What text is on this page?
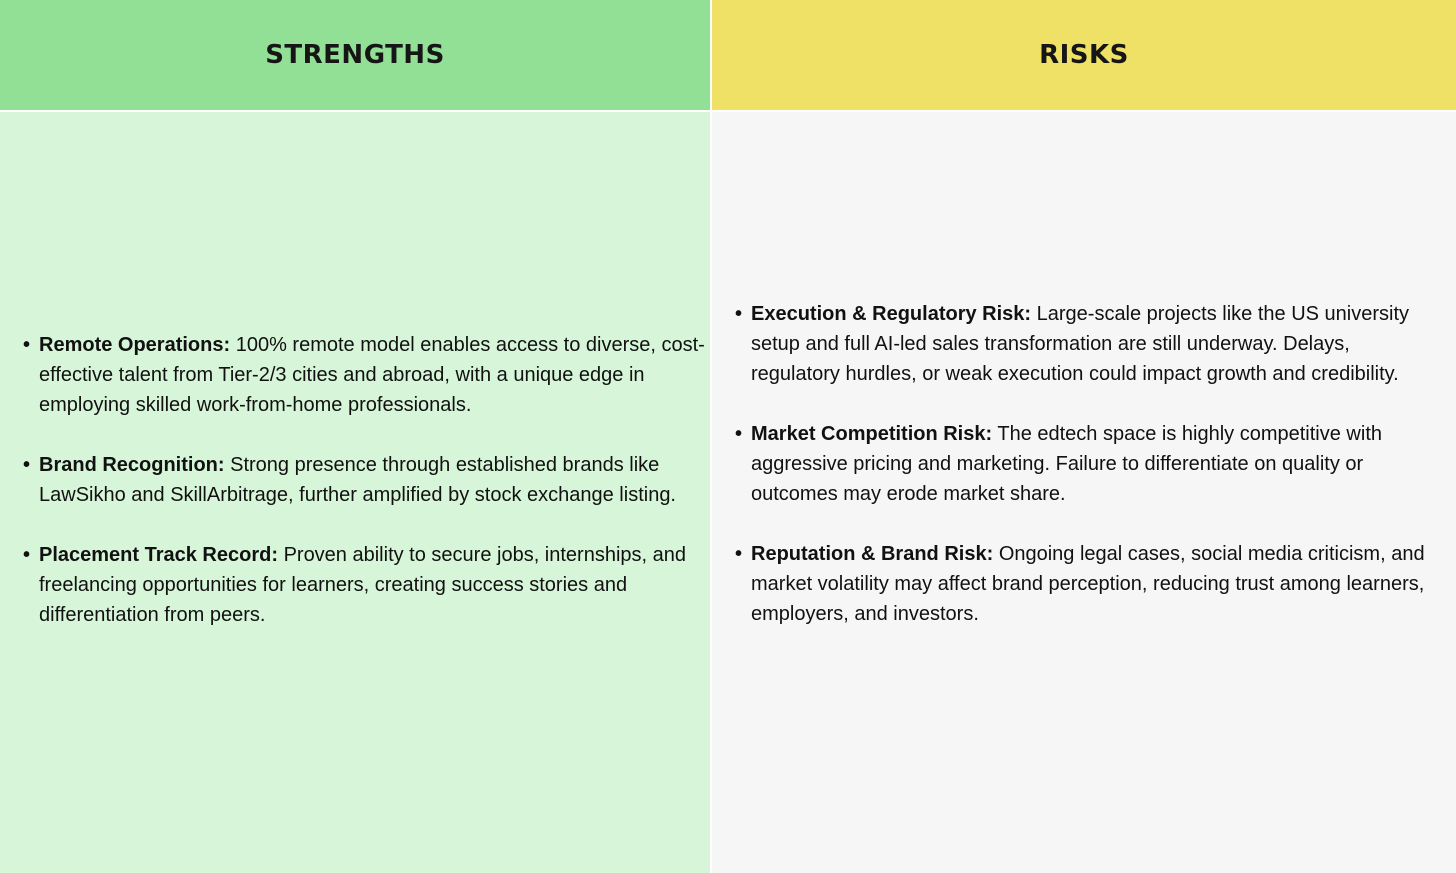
STRENGTHS
• Remote Operations: 100% remote model enables access to diverse, cost-effective talent from Tier-2/3 cities and abroad, with a unique edge in employing skilled work-from-home professionals.
• Brand Recognition: Strong presence through established brands like LawSikho and SkillArbitrage, further amplified by stock exchange listing.
• Placement Track Record: Proven ability to secure jobs, internships, and freelancing opportunities for learners, creating success stories and differentiation from peers.
RISKS
• Execution & Regulatory Risk: Large-scale projects like the US university setup and full AI-led sales transformation are still underway. Delays, regulatory hurdles, or weak execution could impact growth and credibility.
• Market Competition Risk: The edtech space is highly competitive with aggressive pricing and marketing. Failure to differentiate on quality or outcomes may erode market share.
• Reputation & Brand Risk: Ongoing legal cases, social media criticism, and market volatility may affect brand perception, reducing trust among learners, employers, and investors.
